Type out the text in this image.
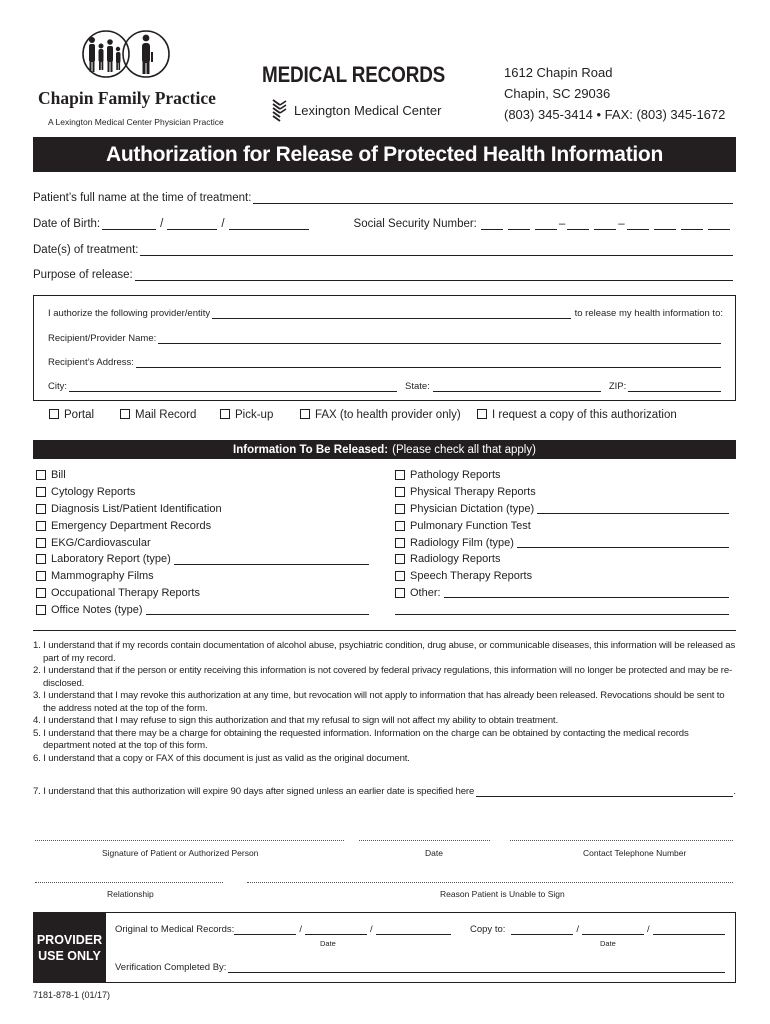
Chapin Family Practice
A Lexington Medical Center Physician Practice
MEDICAL RECORDS
Lexington Medical Center
1612 Chapin Road
Chapin, SC 29036
(803) 345-3414 • FAX: (803) 345-1672
Authorization for Release of Protected Health Information
Patient’s full name at the time of treatment:
Date of Birth:	/	/	Social Security Number:	–	–
Date(s) of treatment:
Purpose of release:
I authorize the following provider/entity	to release my health information to:
Recipient/Provider Name:
Recipient’s Address:
City:	State:	ZIP:
Portal	Mail Record	Pick-up	FAX (to health provider only)	I request a copy of this authorization
Information To Be Released: (Please check all that apply)
Bill
Cytology Reports
Diagnosis List/Patient Identification
Emergency Department Records
EKG/Cardiovascular
Laboratory Report (type)
Mammography Films
Occupational Therapy Reports
Office Notes (type)
Pathology Reports
Physical Therapy Reports
Physician Dictation (type)
Pulmonary Function Test
Radiology Film (type)
Radiology Reports
Speech Therapy Reports
Other:

1. I understand that if my records contain documentation of alcohol abuse, psychiatric condition, drug abuse, or communicable diseases, this information will be released as part of my record.

2. I understand that if the person or entity receiving this information is not covered by federal privacy regulations, this information will no longer be protected and may be re-disclosed.

3. I understand that I may revoke this authorization at any time, but revocation will not apply to information that has already been released. Revocations should be sent to the address noted at the top of the form.

4. I understand that I may refuse to sign this authorization and that my refusal to sign will not affect my ability to obtain treatment.

5. I understand that there may be a charge for obtaining the requested information. Information on the charge can be obtained by contacting the medical records department noted at the top of this form.

6. I understand that a copy or FAX of this document is just as valid as the original document.

7. I understand that this authorization will expire 90 days after signed unless an earlier date is specified here	.
Signature of Patient or Authorized Person	Date	Contact Telephone Number
Relationship	Reason Patient is Unable to Sign
PROVIDER
USE ONLY
Original to Medical Records:	/	/
Date
Copy to:	/	/
Date
Verification Completed By:
7181-878-1 (01/17)
